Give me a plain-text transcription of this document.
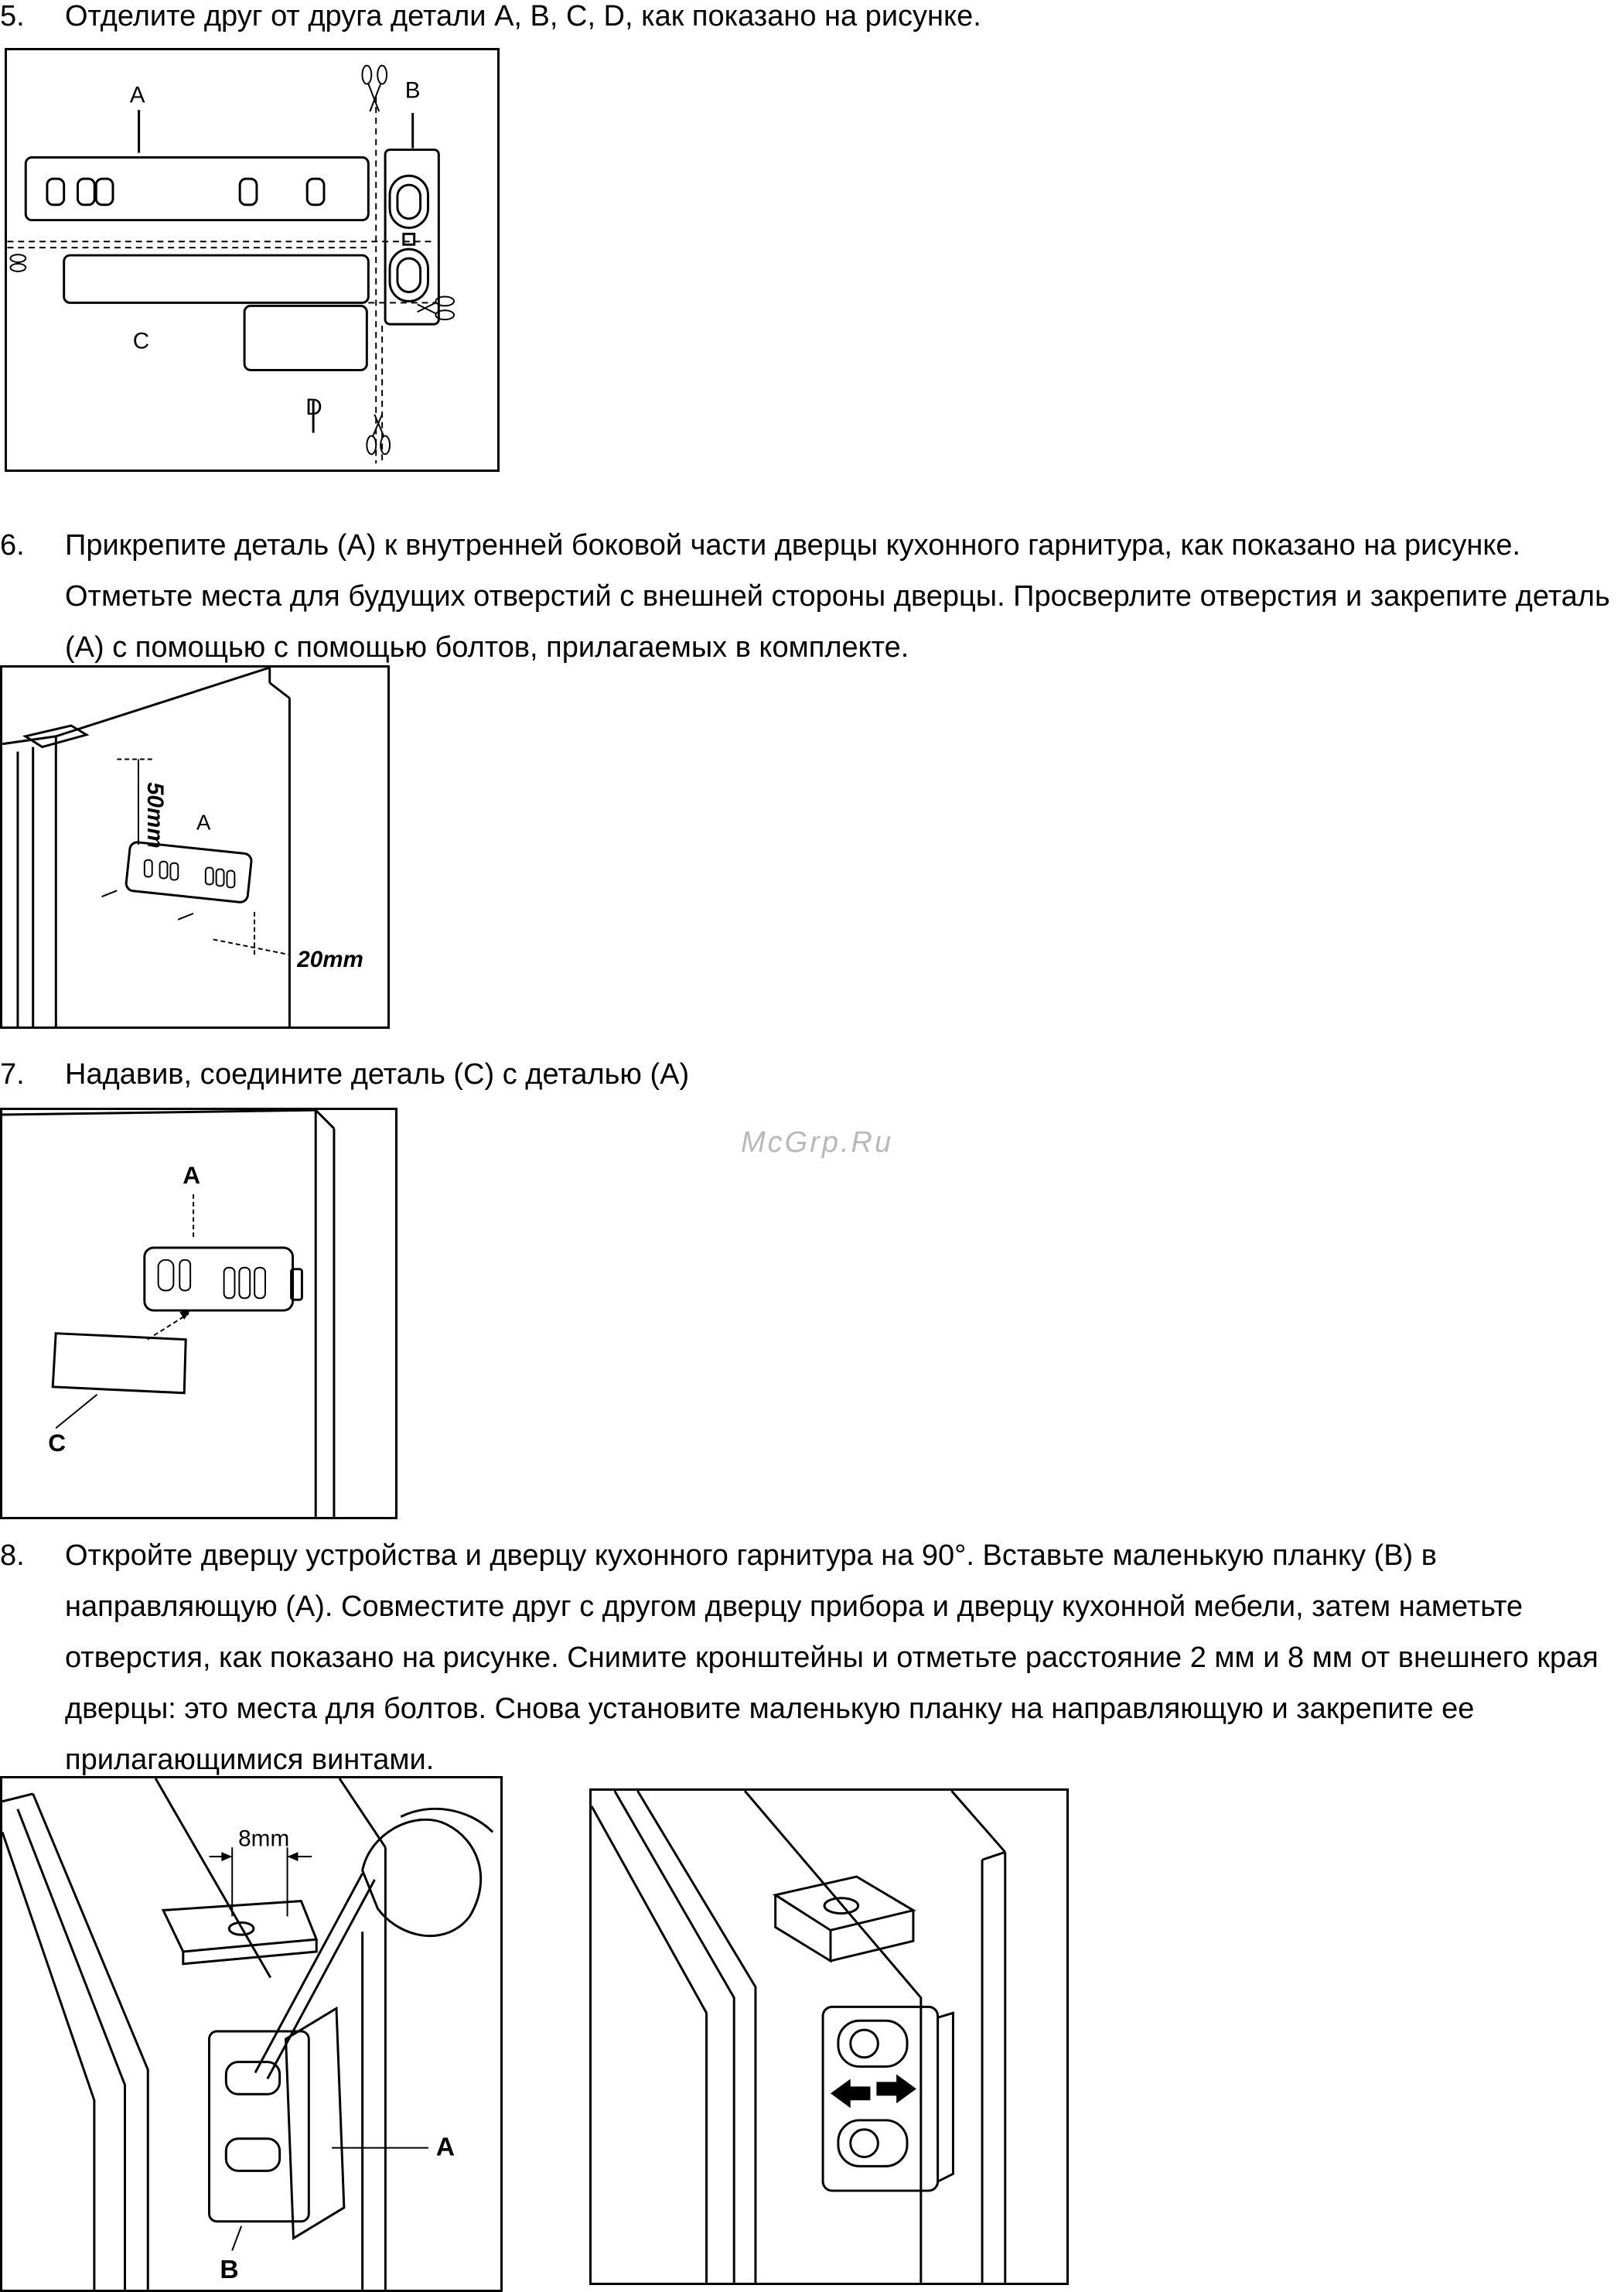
5. Отделите друг от друга детали A, B, C, D, как показано на рисунке.
A	B
C
D
6. Прикрепите деталь (А) к внутренней боковой части дверцы кухонного гарнитура, как показано на рисунке. Отметьте места для будущих отверстий с внешней стороны дверцы. Просверлите отверстия и закрепите деталь (А) с помощью с помощью болтов, прилагаемых в комплекте.
50mm A
20mm
7. Надавив, соедините деталь (С) с деталью (А)
McGrp.Ru
A
C
8. Откройте дверцу устройства и дверцу кухонного гарнитура на 90°. Вставьте маленькую планку (В) в направляющую (А). Совместите друг с другом дверцу прибора и дверцу кухонной мебели, затем наметьте отверстия, как показано на рисунке. Снимите кронштейны и отметьте расстояние 2 мм и 8 мм от внешнего края дверцы: это места для болтов. Снова установите маленькую планку на направляющую и закрепите ее прилагающимися винтами.
8mm
A
B
